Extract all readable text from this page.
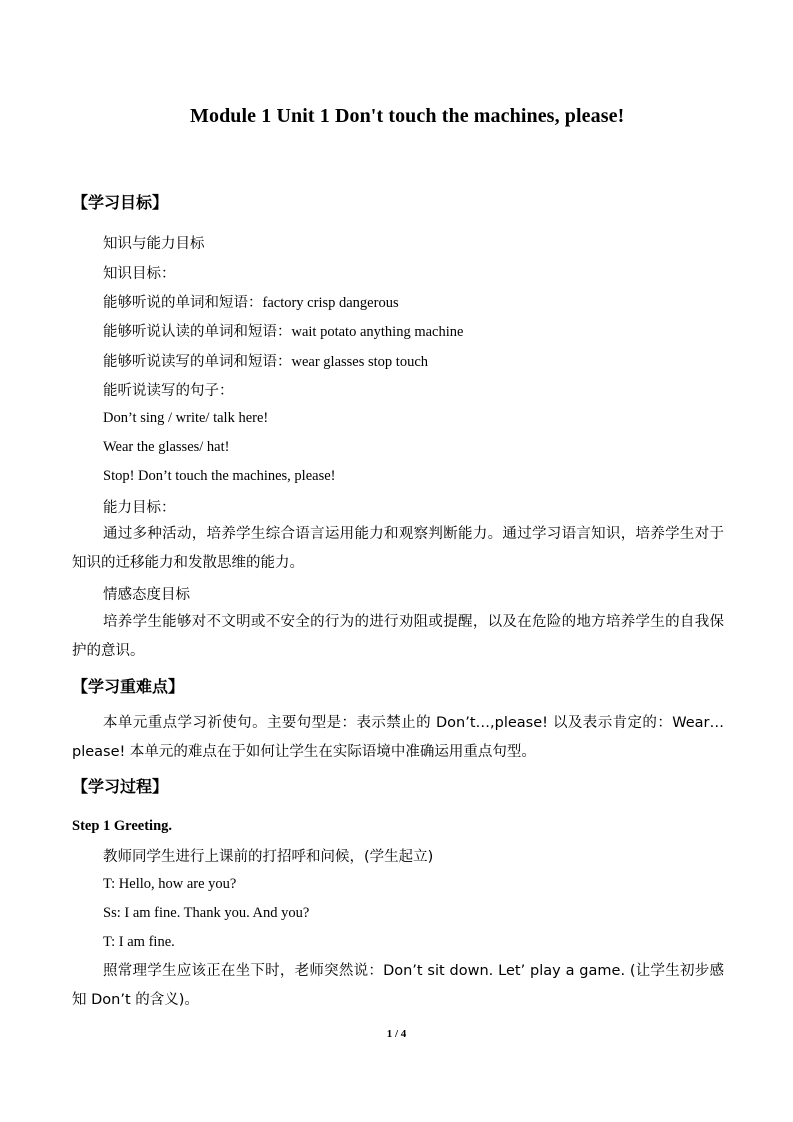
Module 1 Unit 1 Don't touch the machines, please!
【学习目标】
知识与能力目标
知识目标：
能够听说的单词和短语：factory crisp dangerous
能够听说认读的单词和短语：wait potato anything machine
能够听说读写的单词和短语：wear glasses stop touch
能听说读写的句子：
Don’t sing / write/ talk here!
Wear the glasses/ hat!
Stop! Don’t touch the machines, please!
能力目标：
通过多种活动，培养学生综合语言运用能力和观察判断能力。通过学习语言知识，培养学生对于知识的迁移能力和发散思维的能力。
情感态度目标
培养学生能够对不文明或不安全的行为的进行劝阻或提醒，以及在危险的地方培养学生的自我保护的意识。
【学习重难点】
本单元重点学习祈使句。主要句型是：表示禁止的 Don’t…,please! 以及表示肯定的：Wear…please! 本单元的难点在于如何让学生在实际语境中准确运用重点句型。
【学习过程】
Step 1 Greeting.
教师同学生进行上课前的打招呼和问候，(学生起立)
T: Hello, how are you?
Ss: I am fine. Thank you. And you?
T: I am fine.
照常理学生应该正在坐下时，老师突然说：Don’t sit down. Let’ play a game. (让学生初步感知 Don’t 的含义)。
1 / 4
